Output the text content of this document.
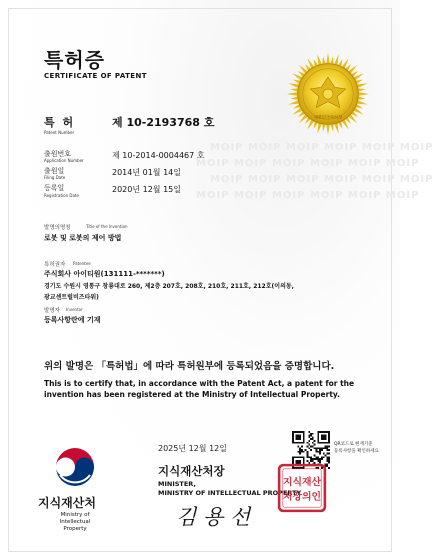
특허증
CERTIFICATE OF PATENT
대한민국특허청
MOIP MOIP MOIP MOIP MOIP MOIP
MOIP MOIP MOIP MOIP MOIP MOIP
MOIP MOIP MOIP MOIP MOIP MOIP
MOIP MOIP MOIP MOIP MOIP MOIP
특 허
Patent Number
제 10-2193768 호
출원번호
Application Number
제 10-2014-0004467 호
출원일
Filing Date
2014년 01월 14일
등록일
Registration Date
2020년 12월 15일
발명의명칭	Title of the Invention
로봇 및 로봇의 제어 방법
특허권자 Patentee
주식회사 아이티원(131111-*******)
경기도 수원시 영통구 창룡대로 260, 제2층 207호, 208호, 210호, 211호, 212호(이의동,
광교센트럴비즈타워)
발명자 Inventor
등록사항란에 기재
위의 발명은 「특허법」에 따라 특허원부에 등록되었음을 증명합니다.
This is to certify that, in accordance with the Patent Act, a patent for the invention has been registered at the Ministry of Intellectual Property.
2025년 12월 12일	QR코드로 현재기준
등록사항을 확인하세요
지식재산처
Ministry of
Intellectual Property
지식재산처장
MINISTER,
MINISTRY OF INTELLECTUAL PROPERTY
김 용 선
지식재산
처장의인
